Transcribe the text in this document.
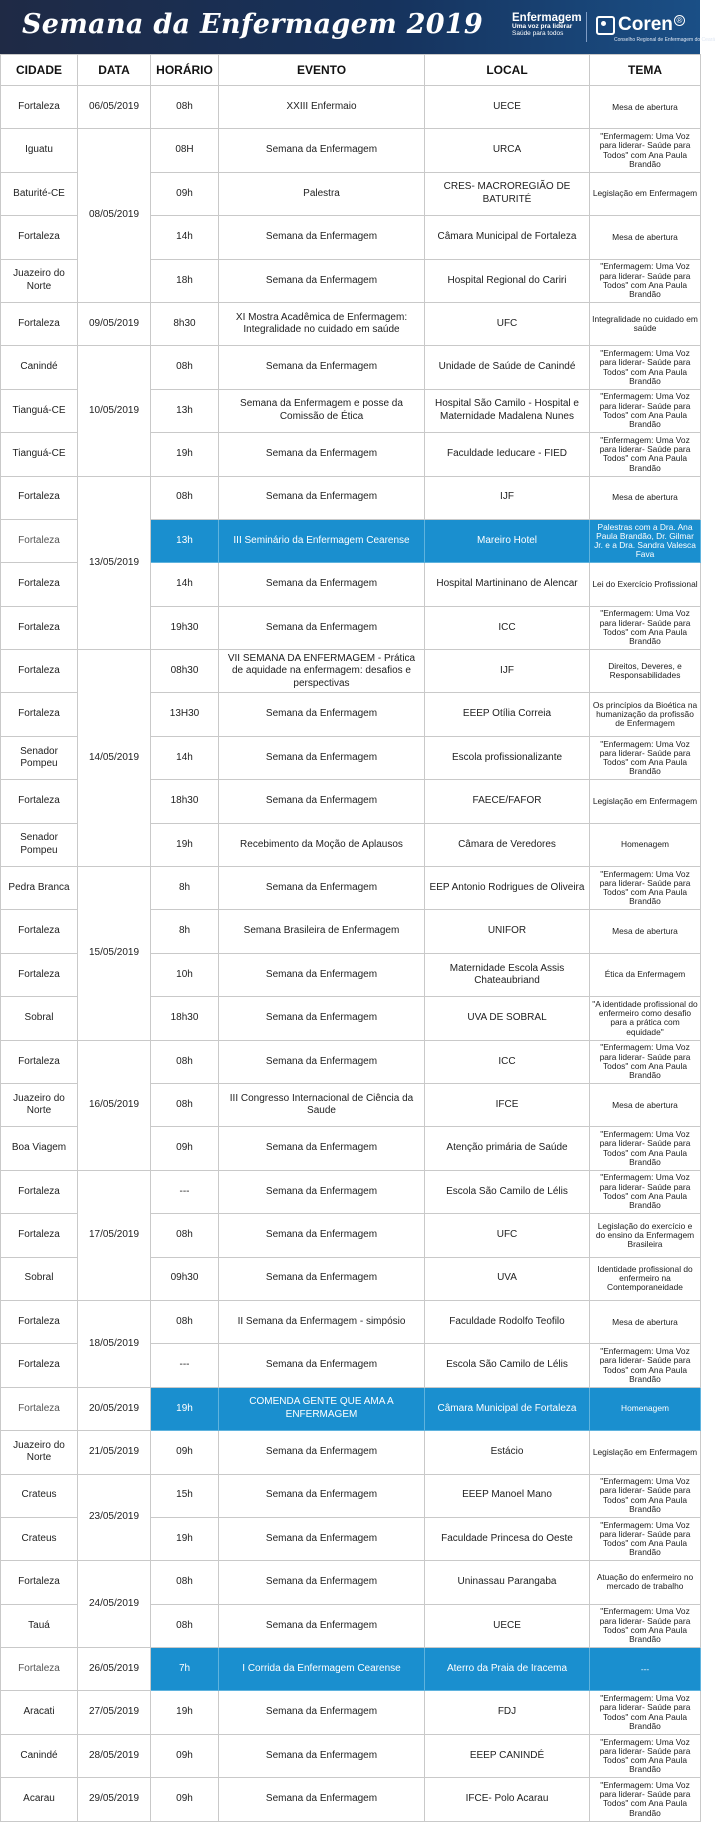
Semana da Enfermagem 2019	Enfermagem
Uma voz pra liderar
Saúde para todos	Coren ®
Conselho Regional de Enfermagem do Ceará
CIDADE	DATA	HORÁRIO	EVENTO	LOCAL	TEMA
Fortaleza	06/05/2019	08h	XXIII Enfermaio	UECE	Mesa de abertura
Iguatu	08/05/2019	08H	Semana da Enfermagem	URCA	"Enfermagem: Uma Voz para liderar- Saúde para Todos" com Ana Paula Brandão
Baturité-CE		09h	Palestra	CRES- MACROREGIÃO DE BATURITÉ	Legislação em Enfermagem
Fortaleza		14h	Semana da Enfermagem	Câmara Municipal de Fortaleza	Mesa de abertura
Juazeiro do Norte		18h	Semana da Enfermagem	Hospital Regional do Cariri	"Enfermagem: Uma Voz para liderar- Saúde para Todos" com Ana Paula Brandão
Fortaleza	09/05/2019	8h30	XI Mostra Acadêmica de Enfermagem: Integralidade no cuidado em saúde	UFC	Integralidade no cuidado em saúde
Canindé	10/05/2019	08h	Semana da Enfermagem	Unidade de Saúde de Canindé	"Enfermagem: Uma Voz para liderar- Saúde para Todos" com Ana Paula Brandão
Tianguá-CE		13h	Semana da Enfermagem e posse da Comissão de Ética	Hospital São Camilo - Hospital e Maternidade Madalena Nunes	"Enfermagem: Uma Voz para liderar- Saúde para Todos" com Ana Paula Brandão
Tianguá-CE		19h	Semana da Enfermagem	Faculdade Ieducare - FIED	"Enfermagem: Uma Voz para liderar- Saúde para Todos" com Ana Paula Brandão
Fortaleza	13/05/2019	08h	Semana da Enfermagem	IJF	Mesa de abertura
Fortaleza		13h	III Seminário da Enfermagem Cearense	Mareiro Hotel	Palestras com a Dra. Ana Paula Brandão, Dr. Gilmar Jr. e a Dra. Sandra Valesca Fava
Fortaleza		14h	Semana da Enfermagem	Hospital Martininano de Alencar	Lei do Exercício Profissional
Fortaleza		19h30	Semana da Enfermagem	ICC	"Enfermagem: Uma Voz para liderar- Saúde para Todos" com Ana Paula Brandão
Fortaleza	14/05/2019	08h30	VII SEMANA DA ENFERMAGEM - Prática de aquidade na enfermagem: desafios e perspectivas	IJF	Direitos, Deveres, e Responsabilidades
Fortaleza		13H30	Semana da Enfermagem	EEEP Otília Correia	Os princípios da Bioética na humanização da profissão de Enfermagem
Senador Pompeu		14h	Semana da Enfermagem	Escola profissionalizante	"Enfermagem: Uma Voz para liderar- Saúde para Todos" com Ana Paula Brandão
Fortaleza		18h30	Semana da Enfermagem	FAECE/FAFOR	Legislação em Enfermagem
Senador Pompeu		19h	Recebimento da Moção de Aplausos	Câmara de Veredores	Homenagem
Pedra Branca	15/05/2019	8h	Semana da Enfermagem	EEP Antonio Rodrigues de Oliveira	"Enfermagem: Uma Voz para liderar- Saúde para Todos" com Ana Paula Brandão
Fortaleza		8h	Semana Brasileira de Enfermagem	UNIFOR	Mesa de abertura
Fortaleza		10h	Semana da Enfermagem	Maternidade Escola Assis Chateaubriand	Ética da Enfermagem
Sobral		18h30	Semana da Enfermagem	UVA DE SOBRAL	"A identidade profissional do enfermeiro como desafio para a prática com equidade"
Fortaleza	16/05/2019	08h	Semana da Enfermagem	ICC	"Enfermagem: Uma Voz para liderar- Saúde para Todos" com Ana Paula Brandão
Juazeiro do Norte		08h	III Congresso Internacional de Ciência da Saude	IFCE	Mesa de abertura
Boa Viagem		09h	Semana da Enfermagem	Atenção primária de Saúde	"Enfermagem: Uma Voz para liderar- Saúde para Todos" com Ana Paula Brandão
Fortaleza	17/05/2019	---	Semana da Enfermagem	Escola São Camilo de Lélis	"Enfermagem: Uma Voz para liderar- Saúde para Todos" com Ana Paula Brandão
Fortaleza		08h	Semana da Enfermagem	UFC	Legislação do exercício e do ensino da Enfermagem Brasileira
Sobral		09h30	Semana da Enfermagem	UVA	Identidade profissional do enfermeiro na Contemporaneidade
Fortaleza	18/05/2019	08h	II Semana da Enfermagem - simpósio	Faculdade Rodolfo Teofilo	Mesa de abertura
Fortaleza		---	Semana da Enfermagem	Escola São Camilo de Lélis	"Enfermagem: Uma Voz para liderar- Saúde para Todos" com Ana Paula Brandão
Fortaleza	20/05/2019	19h	COMENDA GENTE QUE AMA A ENFERMAGEM	Câmara Municipal de Fortaleza	Homenagem
Juazeiro do Norte	21/05/2019	09h	Semana da Enfermagem	Estácio	Legislação em Enfermagem
Crateus	23/05/2019	15h	Semana da Enfermagem	EEEP Manoel Mano	"Enfermagem: Uma Voz para liderar- Saúde para Todos" com Ana Paula Brandão
Crateus		19h	Semana da Enfermagem	Faculdade Princesa do Oeste	"Enfermagem: Uma Voz para liderar- Saúde para Todos" com Ana Paula Brandão
Fortaleza	24/05/2019	08h	Semana da Enfermagem	Uninassau Parangaba	Atuação do enfermeiro no mercado de trabalho
Tauá		08h	Semana da Enfermagem	UECE	"Enfermagem: Uma Voz para liderar- Saúde para Todos" com Ana Paula Brandão
Fortaleza	26/05/2019	7h	I Corrida da Enfermagem Cearense	Aterro da Praia de Iracema	---
Aracati	27/05/2019	19h	Semana da Enfermagem	FDJ	"Enfermagem: Uma Voz para liderar- Saúde para Todos" com Ana Paula Brandão
Canindé	28/05/2019	09h	Semana da Enfermagem	EEEP CANINDÉ	"Enfermagem: Uma Voz para liderar- Saúde para Todos" com Ana Paula Brandão
Acarau	29/05/2019	09h	Semana da Enfermagem	IFCE- Polo Acarau	"Enfermagem: Uma Voz para liderar- Saúde para Todos" com Ana Paula Brandão
